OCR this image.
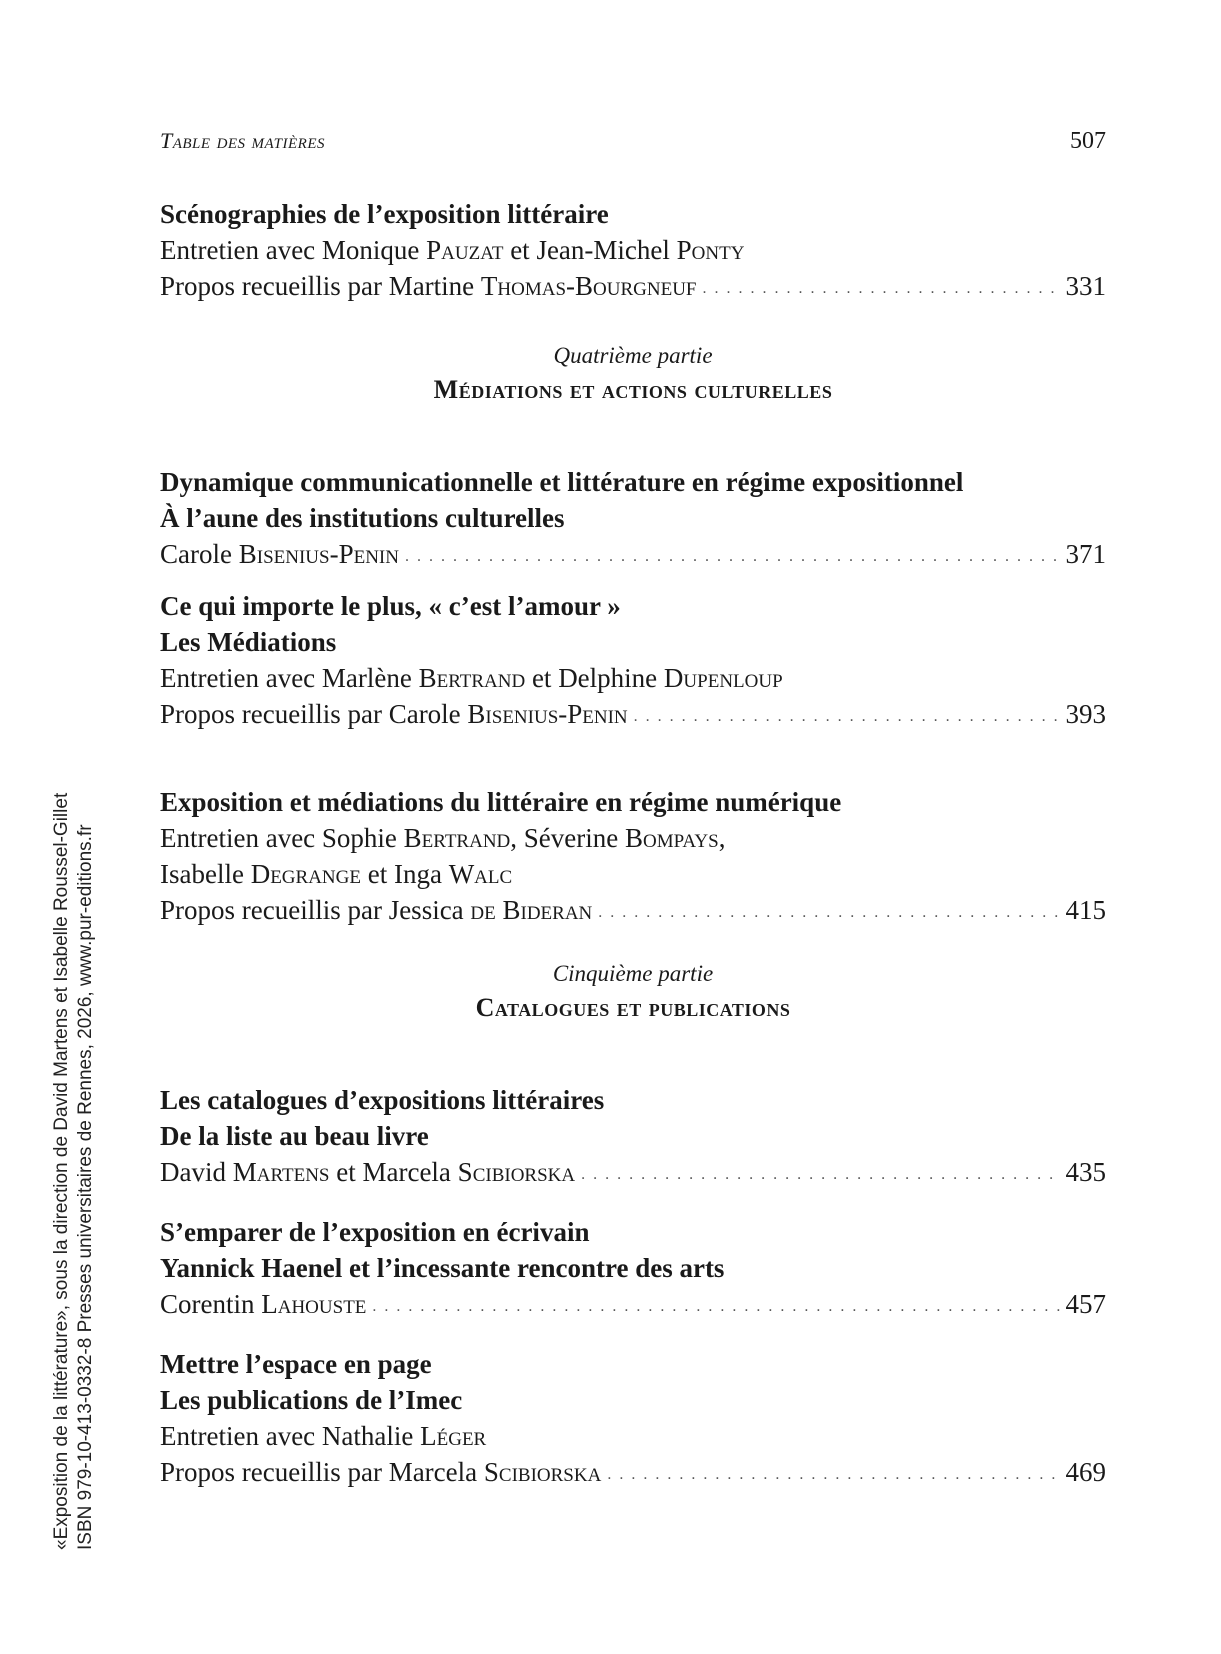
Table des matières	507
Scénographies de l’exposition littéraire
Entretien avec Monique Pauzat et Jean-Michel Ponty
Propos recueillis par Martine Thomas-Bourgneuf . . .	331
Quatrième partie
Médiations et actions culturelles
Dynamique communicationnelle et littérature en régime expositionnel
À l’aune des institutions culturelles
Carole Bisenius-Penin . . .	371
Ce qui importe le plus, « c’est l’amour »
Les Médiations
Entretien avec Marlène Bertrand et Delphine Dupenloup
Propos recueillis par Carole Bisenius-Penin . . .	393
Exposition et médiations du littéraire en régime numérique
Entretien avec Sophie Bertrand, Séverine Bompays,
Isabelle Degrange et Inga Walc
Propos recueillis par Jessica de Bideran . . .	415
Cinquième partie
Catalogues et publications
Les catalogues d’expositions littéraires
De la liste au beau livre
David Martens et Marcela Scibiorska . . .	435
S’emparer de l’exposition en écrivain
Yannick Haenel et l’incessante rencontre des arts
Corentin Lahouste . . .	457
Mettre l’espace en page
Les publications de l’Imec
Entretien avec Nathalie Léger
Propos recueillis par Marcela Scibiorska . . .	469
«Exposition de la littérature», sous la direction de David Martens et Isabelle Roussel-Gillet ISBN 979-10-413-0332-8 Presses universitaires de Rennes, 2026, www.pur-editions.fr
